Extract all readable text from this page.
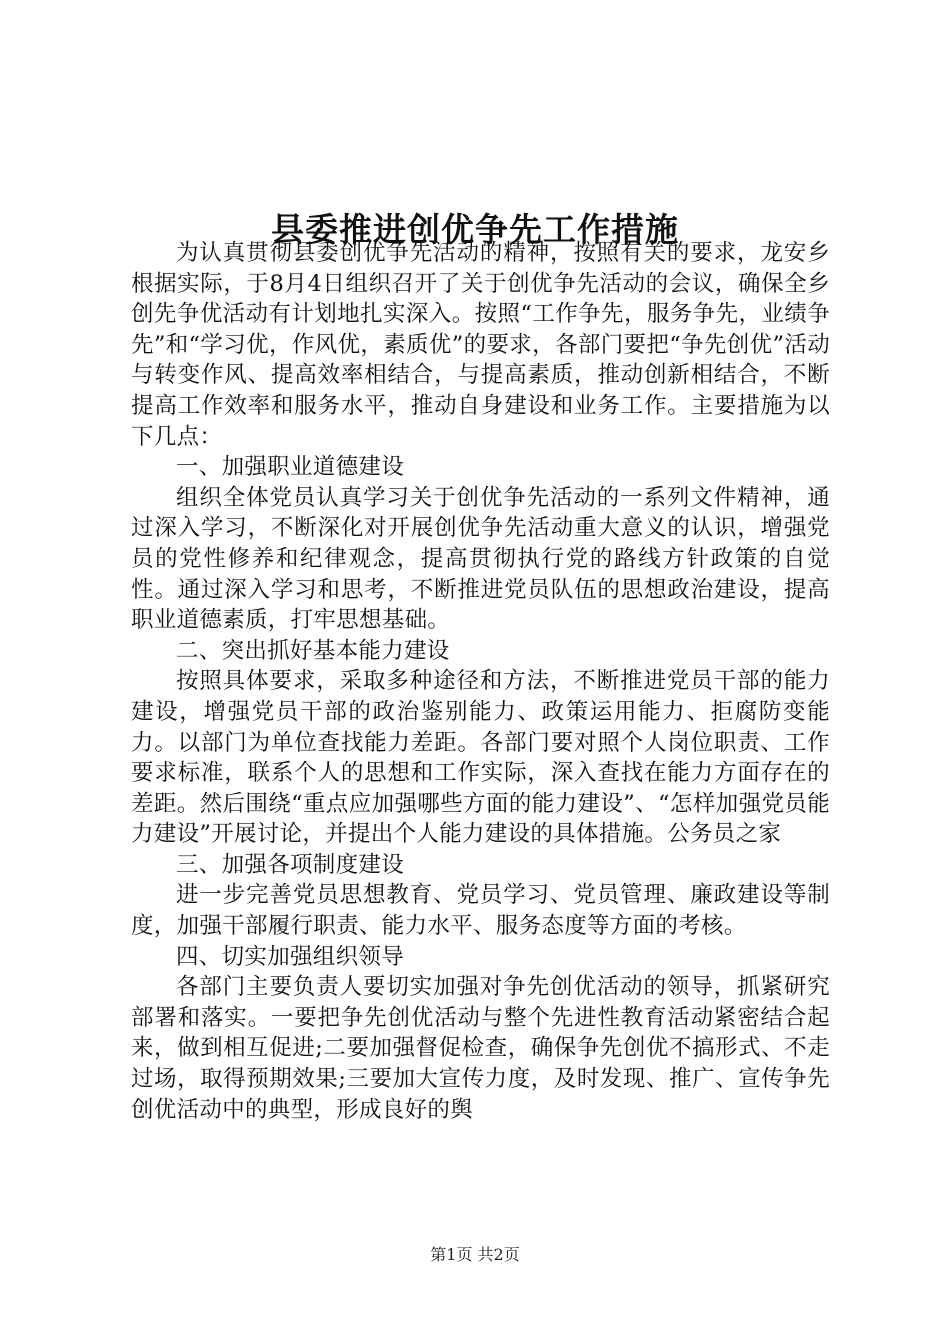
县委推进创优争先工作措施

为认真贯彻县委创优争先活动的精神，按照有关的要求，龙安乡根据实际，于8月4日组织召开了关于创优争先活动的会议，确保全乡创先争优活动有计划地扎实深入。按照“工作争先，服务争先，业绩争先”和“学习优，作风优，素质优”的要求，各部门要把“争先创优”活动与转变作风、提高效率相结合，与提高素质，推动创新相结合，不断提高工作效率和服务水平，推动自身建设和业务工作。主要措施为以下几点：

一、加强职业道德建设

组织全体党员认真学习关于创优争先活动的一系列文件精神，通过深入学习，不断深化对开展创优争先活动重大意义的认识，增强党员的党性修养和纪律观念，提高贯彻执行党的路线方针政策的自觉性。通过深入学习和思考，不断推进党员队伍的思想政治建设，提高职业道德素质，打牢思想基础。

二、突出抓好基本能力建设

按照具体要求，采取多种途径和方法，不断推进党员干部的能力建设，增强党员干部的政治鉴别能力、政策运用能力、拒腐防变能力。以部门为单位查找能力差距。各部门要对照个人岗位职责、工作要求标准，联系个人的思想和工作实际，深入查找在能力方面存在的差距。然后围绕“重点应加强哪些方面的能力建设”、“怎样加强党员能力建设”开展讨论，并提出个人能力建设的具体措施。公务员之家

三、加强各项制度建设

进一步完善党员思想教育、党员学习、党员管理、廉政建设等制度，加强干部履行职责、能力水平、服务态度等方面的考核。

四、切实加强组织领导

各部门主要负责人要切实加强对争先创优活动的领导，抓紧研究部署和落实。一要把争先创优活动与整个先进性教育活动紧密结合起来，做到相互促进;二要加强督促检查，确保争先创优不搞形式、不走过场，取得预期效果;三要加大宣传力度，及时发现、推广、宣传争先创优活动中的典型，形成良好的舆

第1页 共2页
